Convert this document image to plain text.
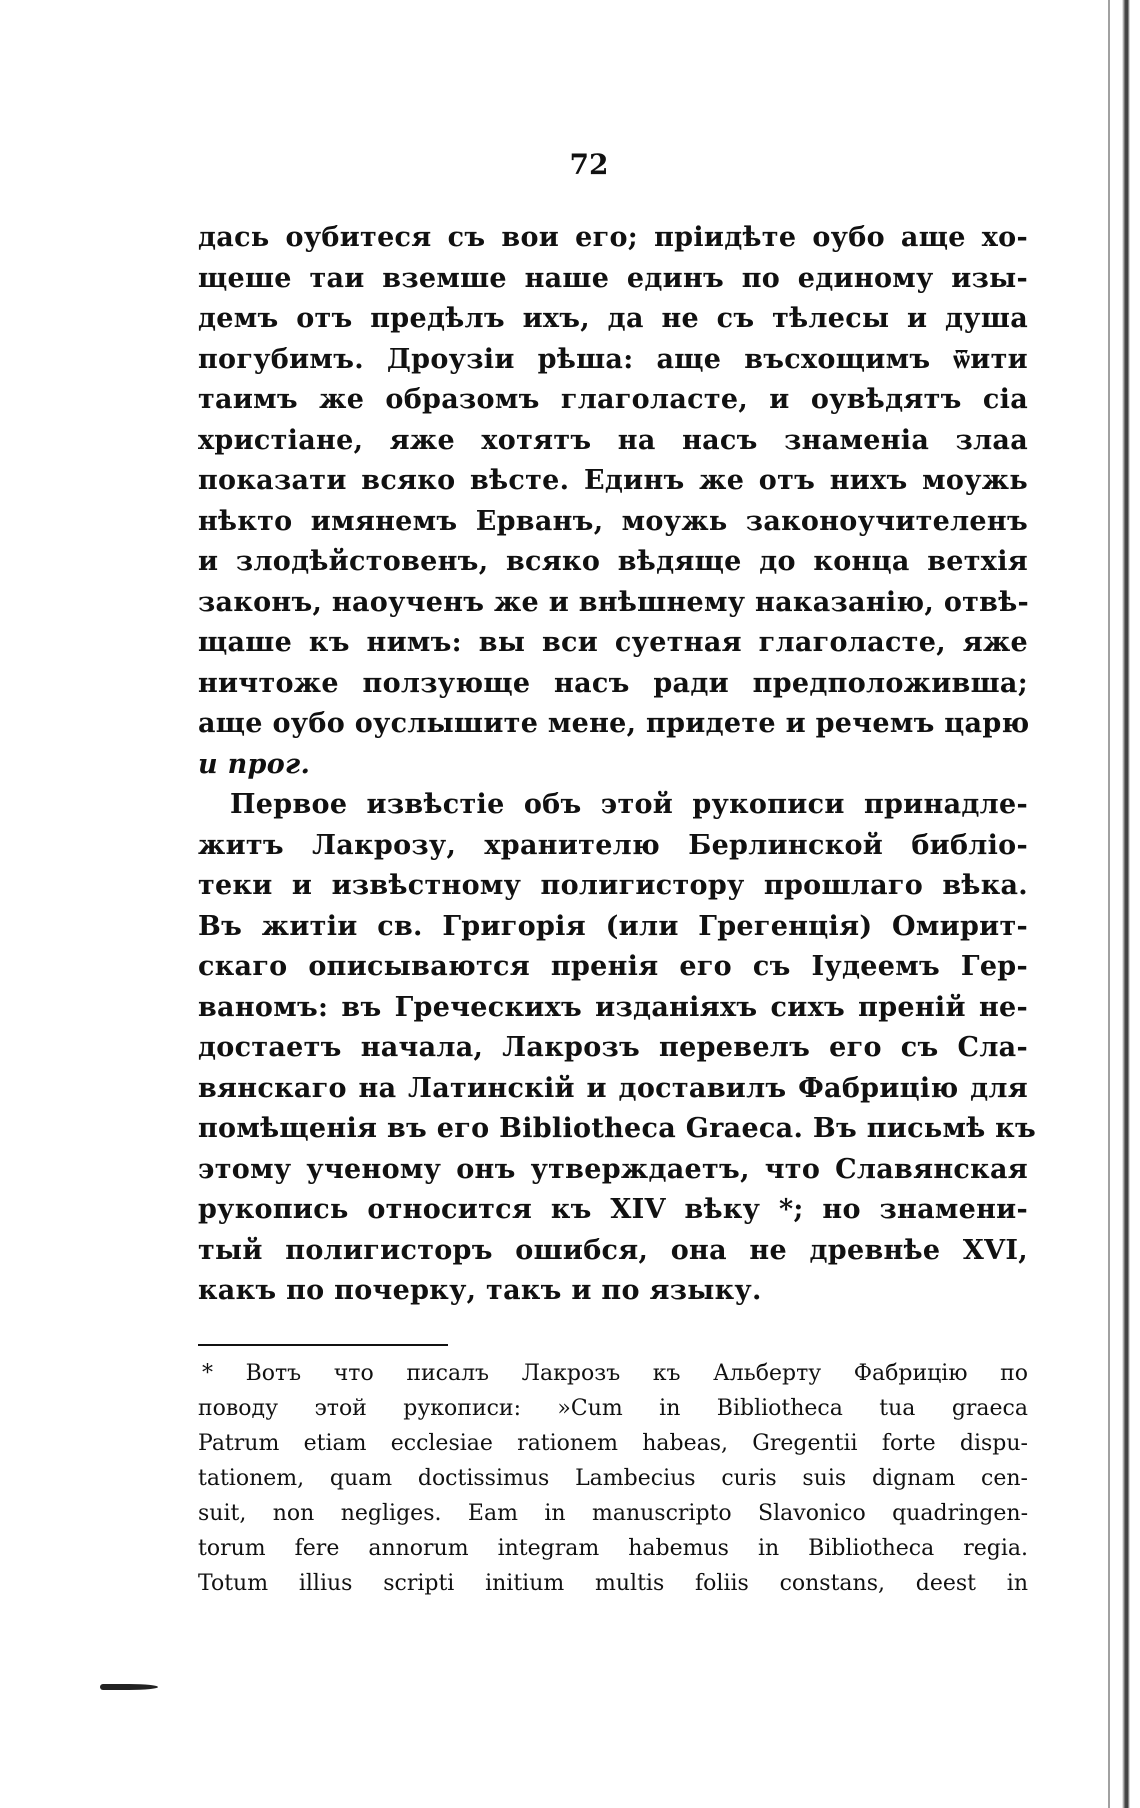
72
дась оубитеся съ вои его; пріидѣте оубо аще хо-
щеше таи вземше наше единъ по единому изы-
демъ отъ предѣлъ ихъ, да не съ тѣлесы и душа
погубимъ. Дроузіи рѣша: аще въсхощимъ ѿити
таимъ же образомъ глаголасте, и оувѣдятъ сіа
христіане, яже хотятъ на насъ знаменіа злаа
показати всяко вѣсте. Единъ же отъ нихъ моужь
нѣкто имянемъ Ерванъ, моужь законоучителенъ
и злодѣйстовенъ, всяко вѣдяще до конца ветхія
законъ, наоученъ же и внѣшнему наказанію, отвѣ-
щаше къ нимъ: вы вси суетная глаголасте, яже
ничтоже ползующе насъ ради предположивша;
аще оубо оуслышите мене, придете и речемъ царю
и прог.
Первое извѣстіе объ этой рукописи принадле-
житъ Лакрозу, хранителю Берлинской библіо-
теки и извѣстному полигистору прошлаго вѣка.
Въ житіи св. Григорія (или Грегенція) Омирит-
скаго описываются пренія его съ Іудеемъ Гер-
ваномъ: въ Греческихъ изданіяхъ сихъ преній не-
достаетъ начала, Лакрозъ перевелъ его съ Сла-
вянскаго на Латинскій и доставилъ Фабрицію для
помѣщенія въ его Bibliotheca Graeca. Въ письмѣ къ
этому ученому онъ утверждаетъ, что Славянская
рукопись относится къ XIV вѣку *; но знамени-
тый полигисторъ ошибся, она не древнѣе XVI,
какъ по почерку, такъ и по языку.
* Вотъ что писалъ Лакрозъ къ Альберту Фабрицію по
поводу этой рукописи: »Cum in Bibliotheca tua graeca
Patrum etiam ecclesiae rationem habeas, Gregentii forte dispu-
tationem, quam doctissimus Lambecius curis suis dignam cen-
suit, non negliges. Eam in manuscripto Slavonico quadringen-
torum fere annorum integram habemus in Bibliotheca regia.
Totum illius scripti initium multis foliis constans, deest in
